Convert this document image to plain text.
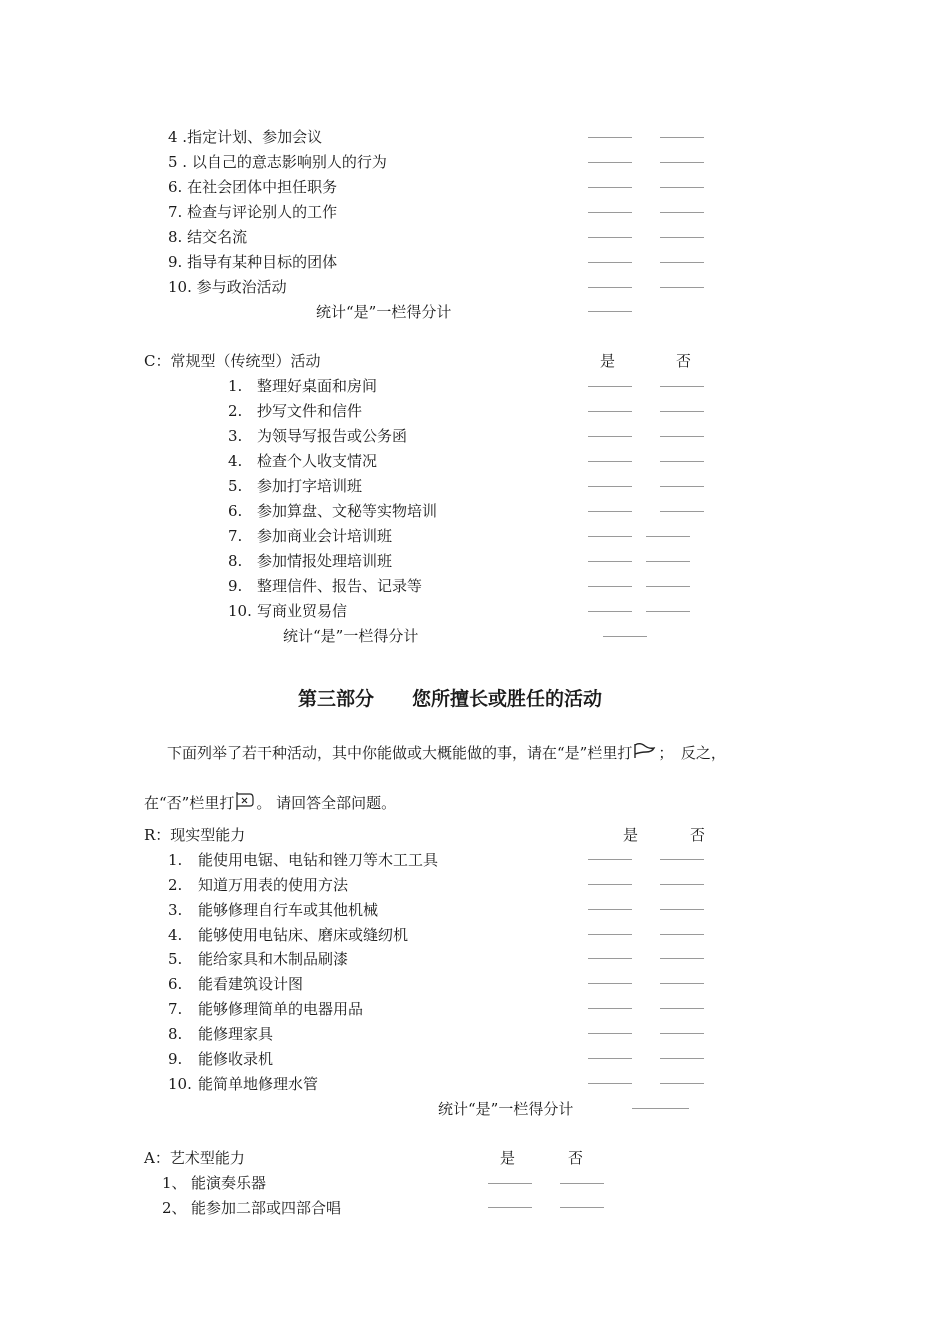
4 .指定计划、参加会议
5 . 以自己的意志影响别人的行为
6. 在社会团体中担任职务
7. 检查与评论别人的工作
8. 结交名流
9. 指导有某种目标的团体
10. 参与政治活动
统计“是”一栏得分计
C：常规型（传统型）活动	是	否
1. 整理好桌面和房间
2. 抄写文件和信件
3. 为领导写报告或公务函
4. 检查个人收支情况
5. 参加打字培训班
6. 参加算盘、文秘等实物培训
7. 参加商业会计培训班
8. 参加情报处理培训班
9. 整理信件、报告、记录等
10. 写商业贸易信
统计“是”一栏得分计
第三部分　　您所擅长或胜任的活动
下面列举了若干种活动，其中你能做或大概能做的事，请在“是”栏里打 ；　反之，
在“否”栏里打 。 请回答全部问题。
R：现实型能力	是	否
1. 能使用电锯、电钻和锉刀等木工工具
2. 知道万用表的使用方法
3. 能够修理自行车或其他机械
4. 能够使用电钻床、磨床或缝纫机
5. 能给家具和木制品刷漆
6. 能看建筑设计图
7. 能够修理简单的电器用品
8. 能修理家具
9. 能修收录机
10. 能简单地修理水管
统计“是”一栏得分计
A：艺术型能力	是	否
1、 能演奏乐器
2、 能参加二部或四部合唱
